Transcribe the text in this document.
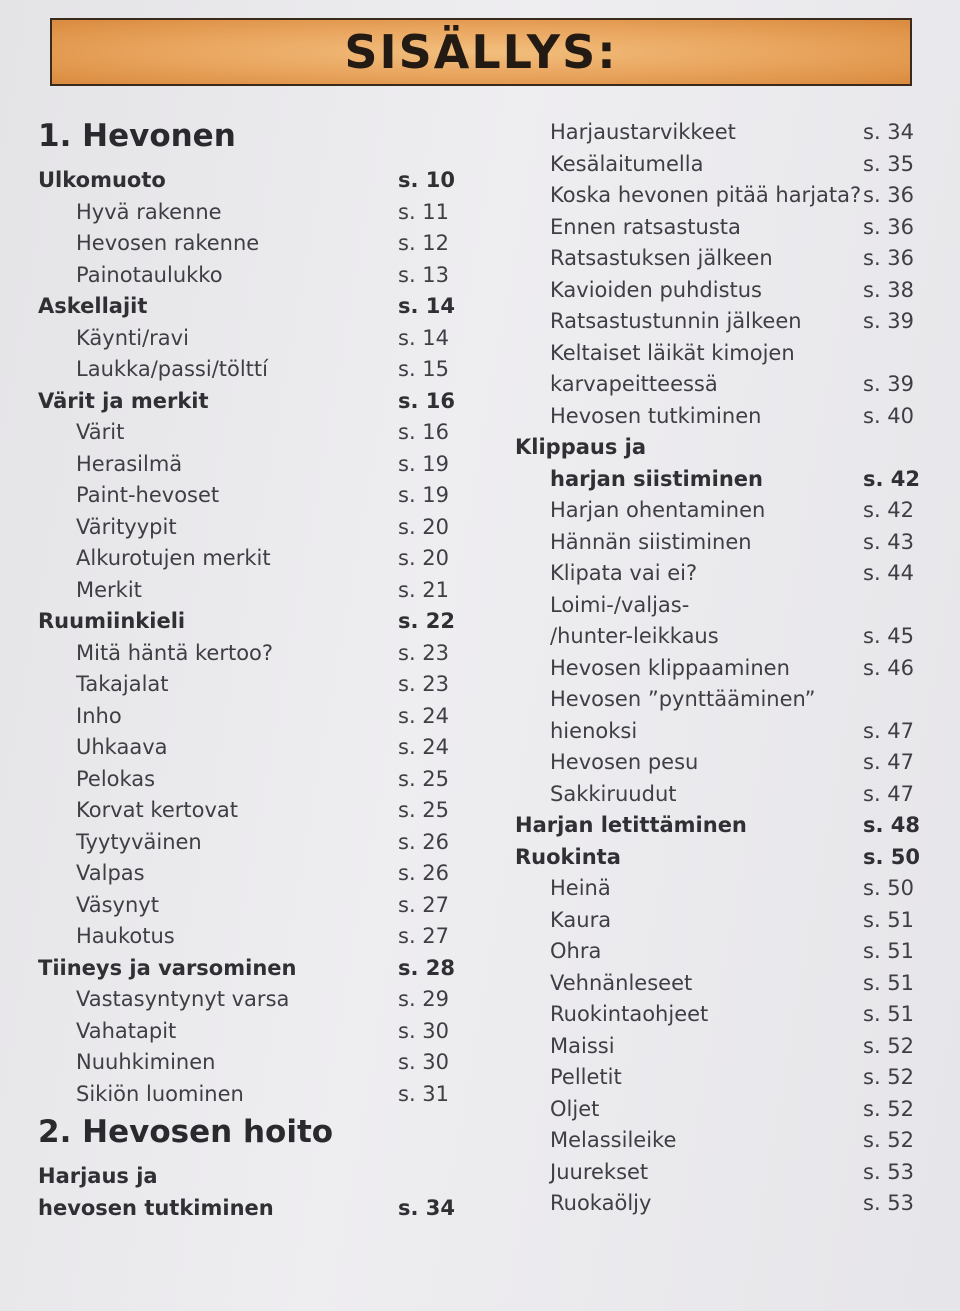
SISÄLLYS:
1. Hevonen
Ulkomuoto	s. 10
Hyvä rakenne	s. 11
Hevosen rakenne	s. 12
Painotaulukko	s. 13
Askellajit	s. 14
Käynti/ravi	s. 14
Laukka/passi/tölttí	s. 15
Värit ja merkit	s. 16
Värit	s. 16
Herasilmä	s. 19
Paint-hevoset	s. 19
Värityypit	s. 20
Alkurotujen merkit	s. 20
Merkit	s. 21
Ruumiinkieli	s. 22
Mitä häntä kertoo?	s. 23
Takajalat	s. 23
Inho	s. 24
Uhkaava	s. 24
Pelokas	s. 25
Korvat kertovat	s. 25
Tyytyväinen	s. 26
Valpas	s. 26
Väsynyt	s. 27
Haukotus	s. 27
Tiineys ja varsominen	s. 28
Vastasyntynyt varsa	s. 29
Vahatapit	s. 30
Nuuhkiminen	s. 30
Sikiön luominen	s. 31
2. Hevosen hoito
Harjaus ja
hevosen tutkiminen	s. 34
Harjaustarvikkeet	s. 34
Kesälaitumella	s. 35
Koska hevonen pitää harjata? s. 36
Ennen ratsastusta	s. 36
Ratsastuksen jälkeen	s. 36
Kavioiden puhdistus	s. 38
Ratsastustunnin jälkeen	s. 39
Keltaiset läikät kimojen
karvapeitteessä	s. 39
Hevosen tutkiminen	s. 40
Klippaus ja
harjan siistiminen	s. 42
Harjan ohentaminen	s. 42
Hännän siistiminen	s. 43
Klipata vai ei?	s. 44
Loimi-/valjas-
/hunter-leikkaus	s. 45
Hevosen klippaaminen	s. 46
Hevosen ”pynttääminen”
hienoksi	s. 47
Hevosen pesu	s. 47
Sakkiruudut	s. 47
Harjan letittäminen	s. 48
Ruokinta	s. 50
Heinä	s. 50
Kaura	s. 51
Ohra	s. 51
Vehnänleseet	s. 51
Ruokintaohjeet	s. 51
Maissi	s. 52
Pelletit	s. 52
Oljet	s. 52
Melassileike	s. 52
Juurekset	s. 53
Ruokaöljy	s. 53
